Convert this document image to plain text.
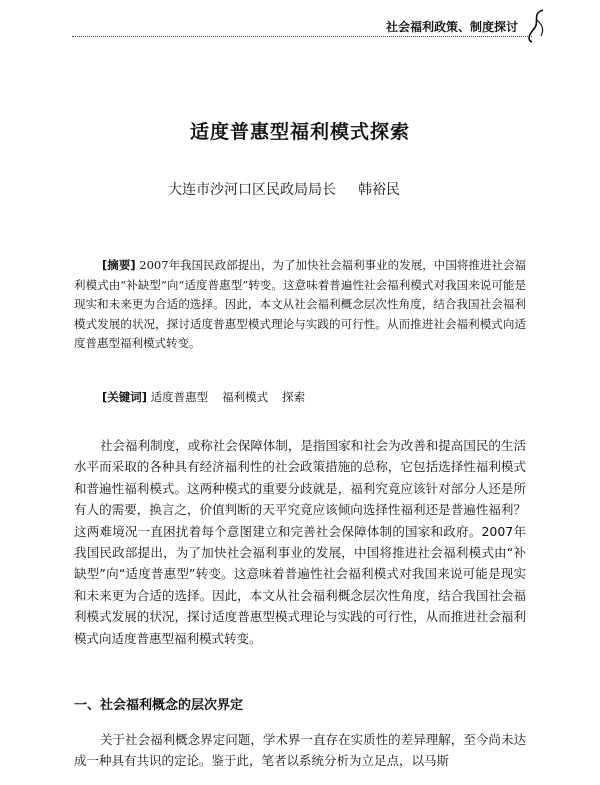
社会福利政策、制度探讨
适度普惠型福利模式探索
大连市沙河口区民政局局长 韩裕民
[摘要] 2007年我国民政部提出，为了加快社会福利事业的发展，中国将推进社会福利模式由“补缺型”向“适度普惠型”转变。这意味着普遍性社会福利模式对我国来说可能是现实和未来更为合适的选择。因此，本文从社会福利概念层次性角度，结合我国社会福利模式发展的状况，探讨适度普惠型模式理论与实践的可行性。从而推进社会福利模式向适度普惠型福利模式转变。
[关键词] 适度普惠型 福利模式 探索

社会福利制度，或称社会保障体制，是指国家和社会为改善和提高国民的生活水平而采取的各种具有经济福利性的社会政策措施的总称，它包括选择性福利模式和普遍性福利模式。这两种模式的重要分歧就是，福利究竟应该针对部分人还是所有人的需要，换言之，价值判断的天平究竟应该倾向选择性福利还是普遍性福利？这两难境况一直困扰着每个意图建立和完善社会保障体制的国家和政府。2007年我国民政部提出，为了加快社会福利事业的发展，中国将推进社会福利模式由“补缺型”向“适度普惠型”转变。这意味着普遍性社会福利模式对我国来说可能是现实和未来更为合适的选择。因此，本文从社会福利概念层次性角度，结合我国社会福利模式发展的状况，探讨适度普惠型模式理论与实践的可行性，从而推进社会福利模式向适度普惠型福利模式转变。

一、社会福利概念的层次界定

关于社会福利概念界定问题，学术界一直存在实质性的差异理解，至今尚未达成一种具有共识的定论。鉴于此，笔者以系统分析为立足点，以马斯
